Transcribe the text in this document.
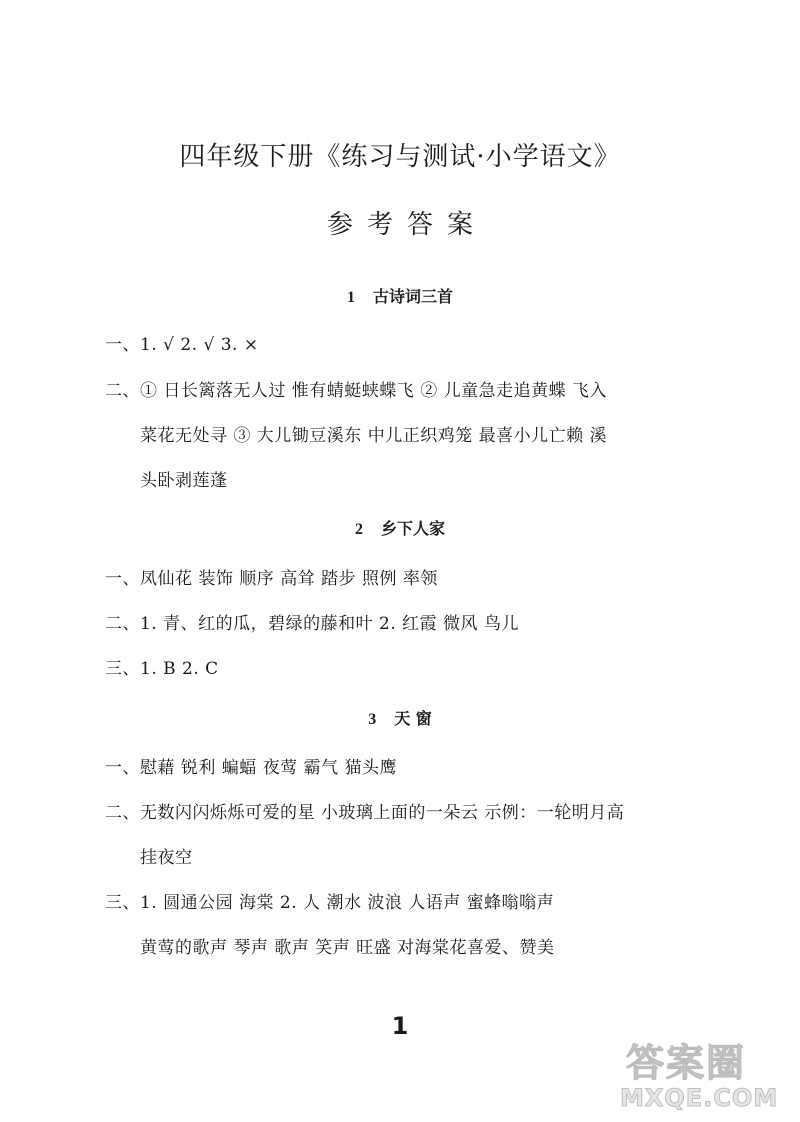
四年级下册《练习与测试·小学语文》
参考答案
1 古诗词三首
一、1. √ 2. √ 3. ×
二、① 日长篱落无人过 惟有蜻蜓蛱蝶飞 ② 儿童急走追黄蝶 飞入
菜花无处寻 ③ 大儿锄豆溪东 中儿正织鸡笼 最喜小儿亡赖 溪
头卧剥莲蓬
2 乡下人家
一、凤仙花 装饰 顺序 高耸 踏步 照例 率领
二、1. 青、红的瓜，碧绿的藤和叶 2. 红霞 微风 鸟儿
三、1. B 2. C
3 天 窗
一、慰藉 锐利 蝙蝠 夜莺 霸气 猫头鹰
二、无数闪闪烁烁可爱的星 小玻璃上面的一朵云 示例：一轮明月高
挂夜空
三、1. 圆通公园 海棠 2. 人 潮水 波浪 人语声 蜜蜂嗡嗡声
黄莺的歌声 琴声 歌声 笑声 旺盛 对海棠花喜爱、赞美
1
答案圈
MXQE.COM
